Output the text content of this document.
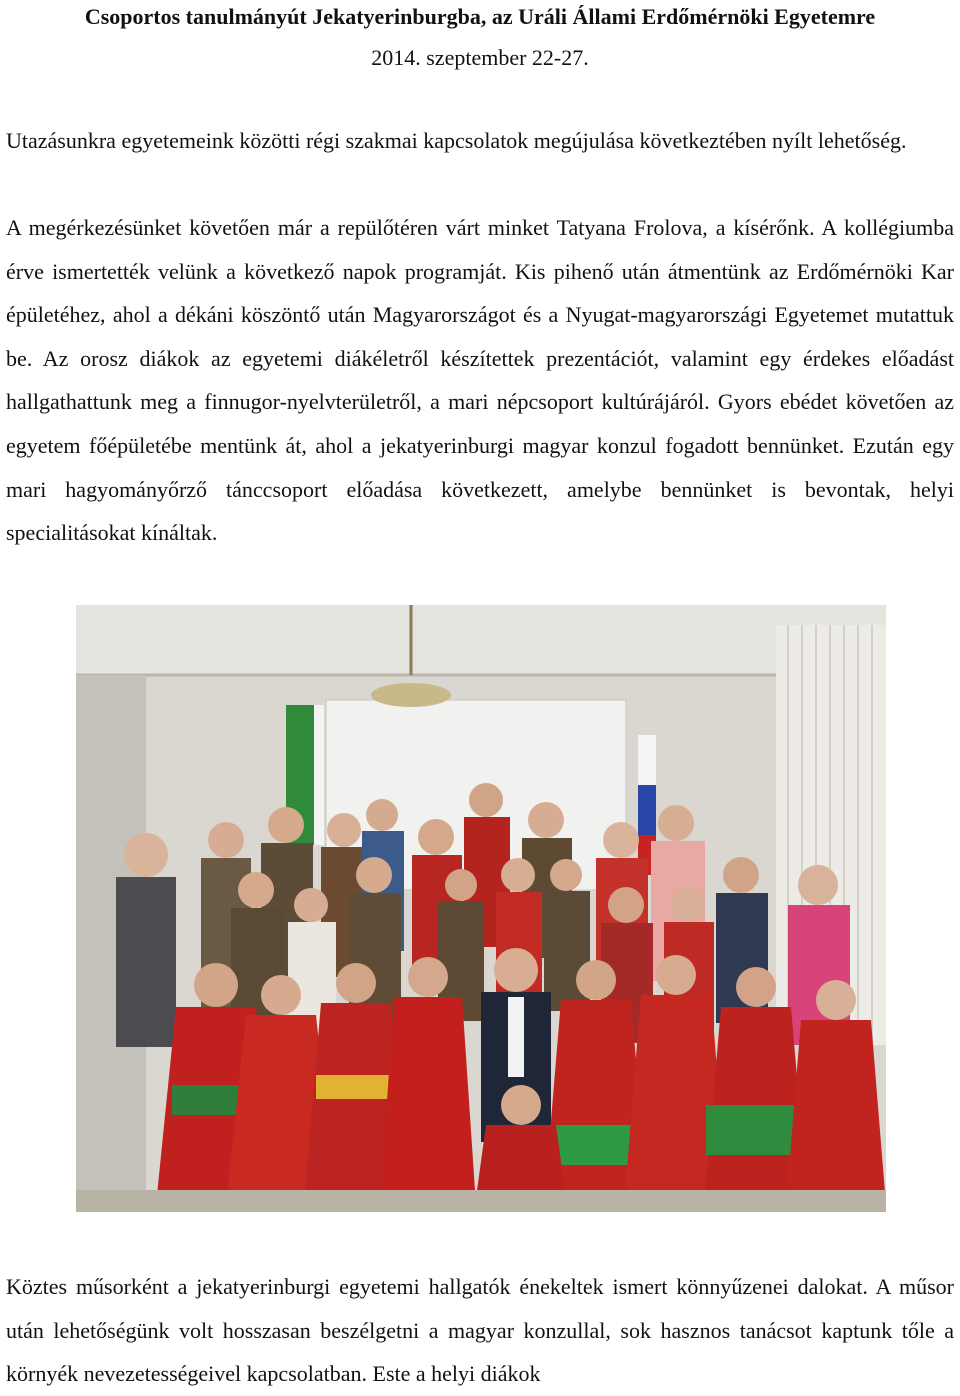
Csoportos tanulmányút Jekatyerinburgba, az Uráli Állami Erdőmérnöki Egyetemre
2014. szeptember 22-27.

Utazásunkra egyetemeink közötti régi szakmai kapcsolatok megújulása következtében nyílt lehetőség.

A megérkezésünket követően már a repülőtéren várt minket Tatyana Frolova, a kísérőnk. A kollégiumba érve ismertették velünk a következő napok programját. Kis pihenő után átmentünk az Erdőmérnöki Kar épületéhez, ahol a dékáni köszöntő után Magyarországot és a Nyugat-magyarországi Egyetemet mutattuk be. Az orosz diákok az egyetemi diákéletről készítettek prezentációt, valamint egy érdekes előadást hallgathattunk meg a finnugor-nyelvterületről, a mari népcsoport kultúrájáról. Gyors ebédet követően az egyetem főépületébe mentünk át, ahol a jekatyerinburgi magyar konzul fogadott bennünket. Ezután egy mari hagyományőrző tánccsoport előadása következett, amelybe bennünket is bevontak, helyi specialitásokat kínáltak.

Köztes műsorként a jekatyerinburgi egyetemi hallgatók énekeltek ismert könnyűzenei dalokat. A műsor után lehetőségünk volt hosszasan beszélgetni a magyar konzullal, sok hasznos tanácsot kaptunk tőle a környék nevezetességeivel kapcsolatban. Este a helyi diákok
